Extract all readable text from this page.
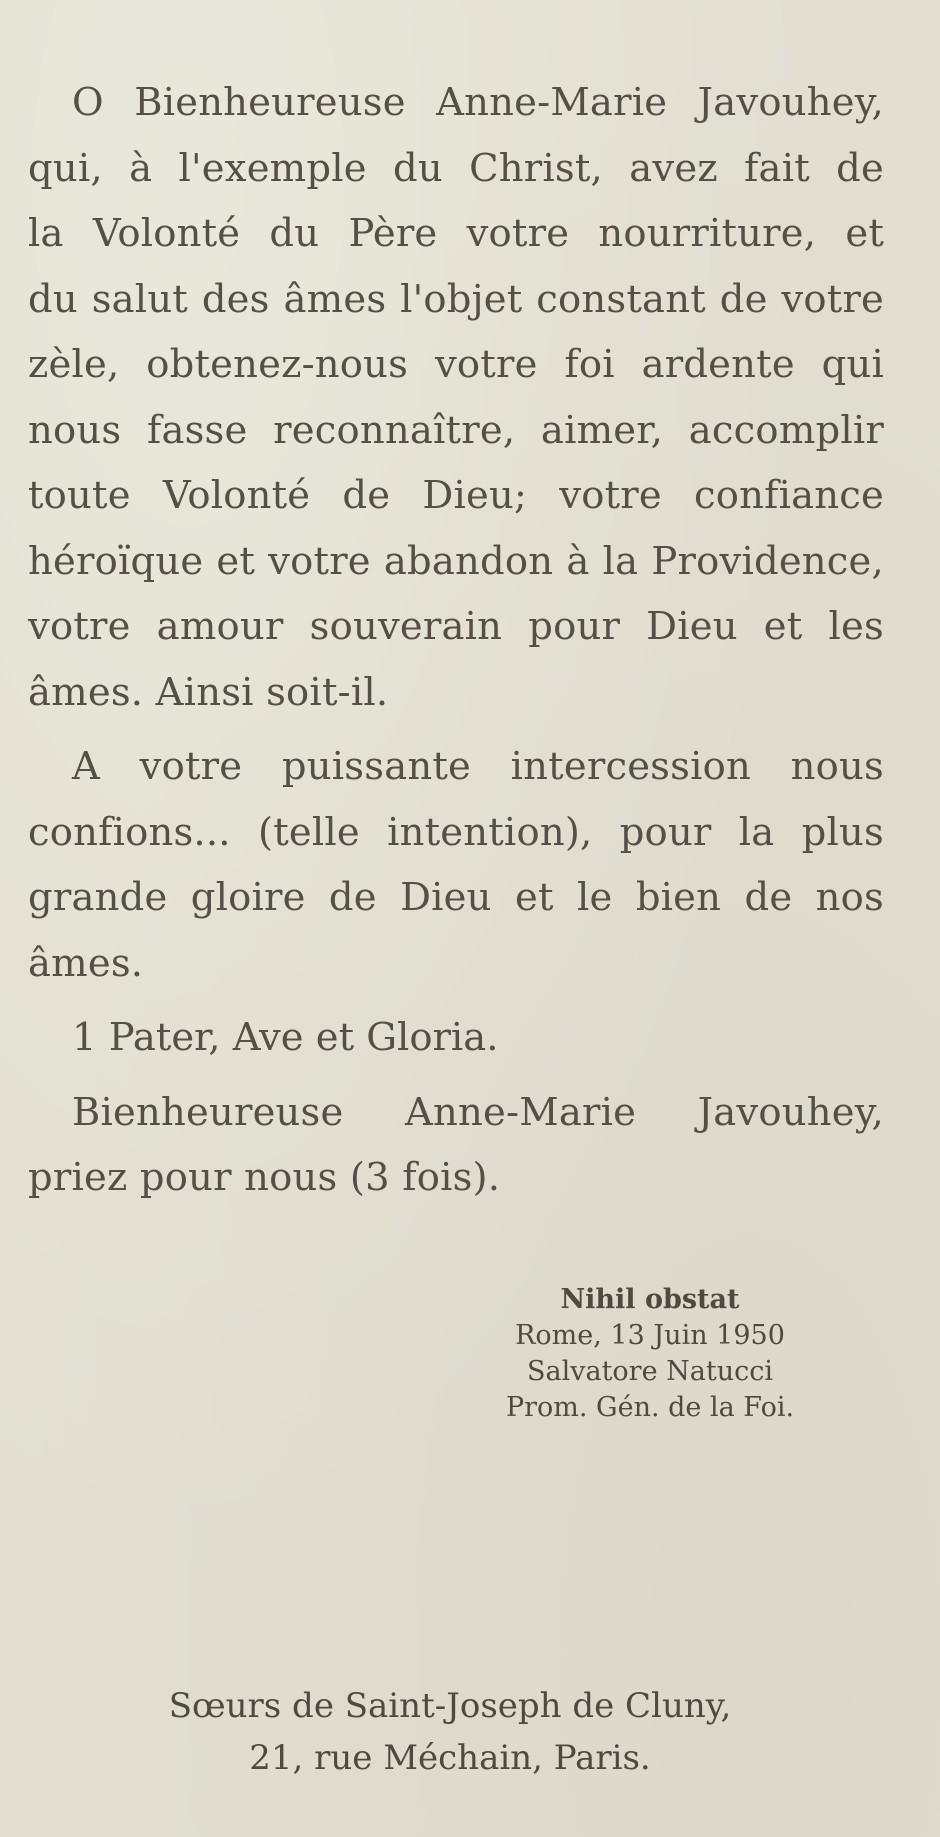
O Bienheureuse Anne-Marie Javouhey,
qui, à l'exemple du Christ, avez fait de
la Volonté du Père votre nourriture, et
du salut des âmes l'objet constant de votre
zèle, obtenez-nous votre foi ardente qui
nous fasse reconnaître, aimer, accomplir
toute Volonté de Dieu; votre confiance
héroïque et votre abandon à la Providence,
votre amour souverain pour Dieu et les
âmes. Ainsi soit-il.

A votre puissante intercession nous
confions... (telle intention), pour la plus
grande gloire de Dieu et le bien de nos
âmes.

1 Pater, Ave et Gloria.

Bienheureuse Anne-Marie Javouhey,
priez pour nous (3 fois).

Nihil obstat
Rome, 13 Juin 1950
Salvatore Natucci
Prom. Gén. de la Foi.
Sœurs de Saint-Joseph de Cluny,
21, rue Méchain, Paris.
